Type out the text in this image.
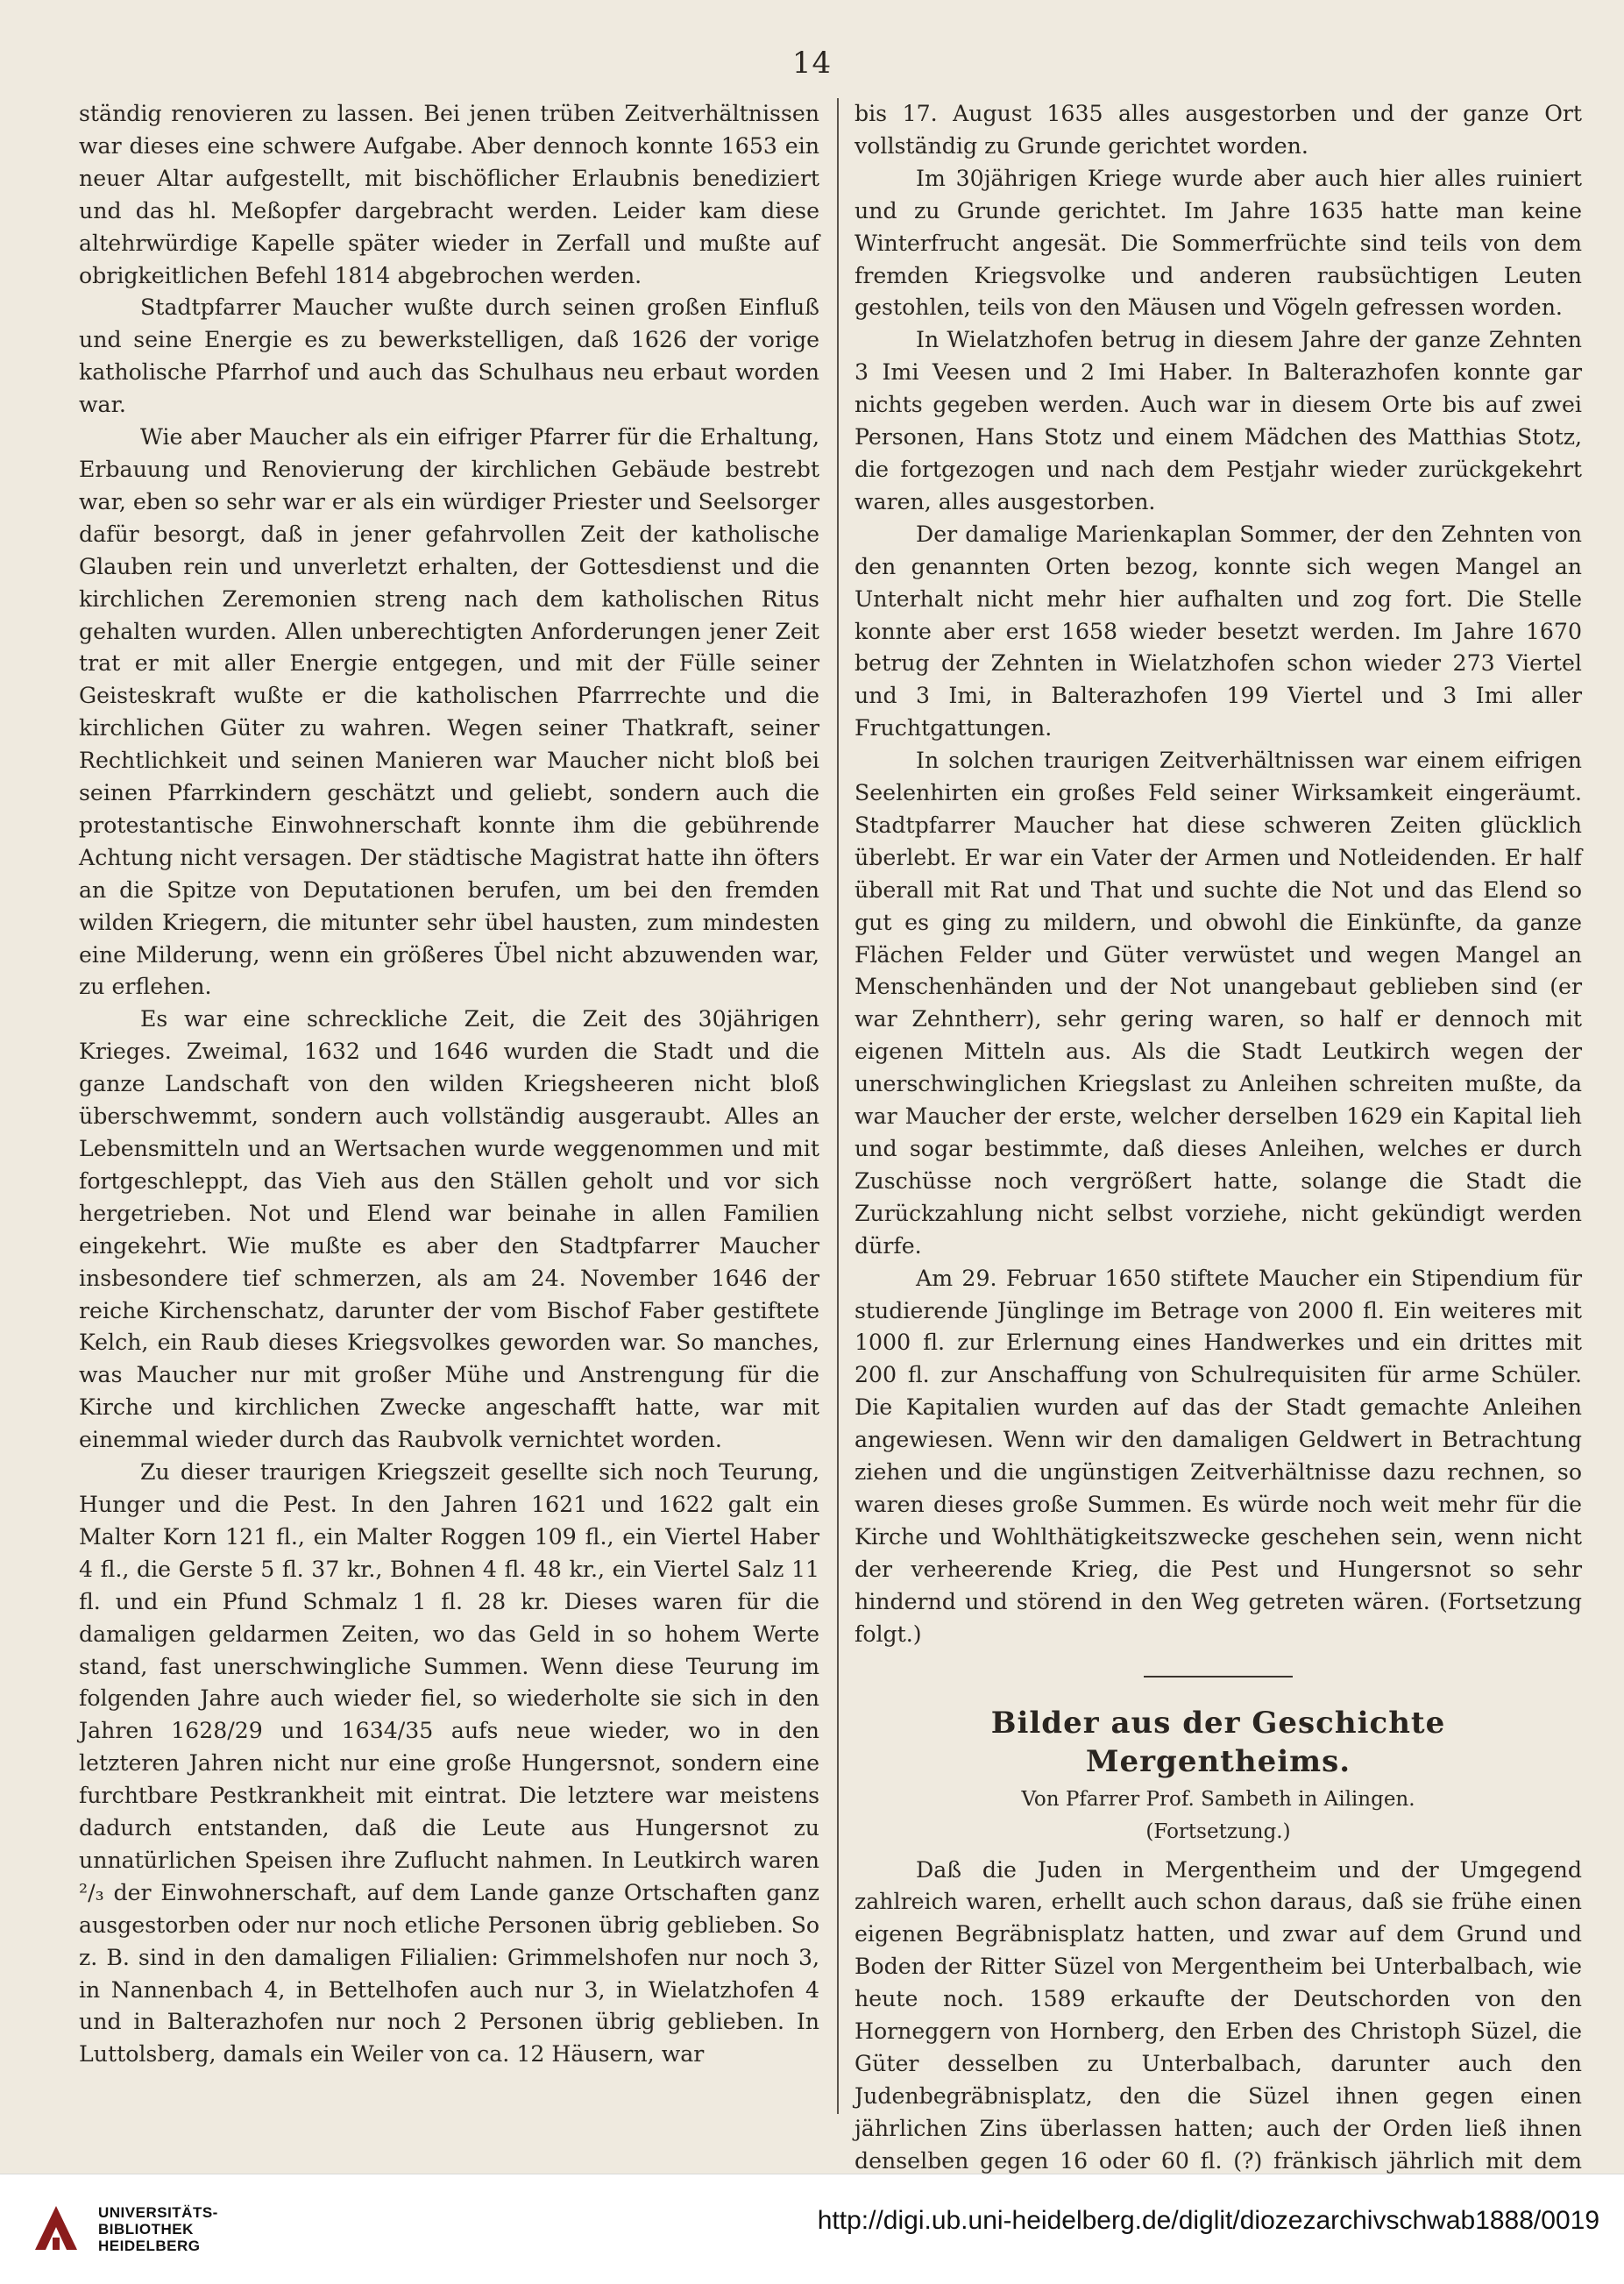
14

ständig renovieren zu lassen. Bei jenen trüben Zeitverhältnissen war dieses eine schwere Aufgabe. Aber dennoch konnte 1653 ein neuer Altar aufgestellt, mit bischöflicher Erlaubnis benediziert und das hl. Meßopfer dargebracht werden. Leider kam diese altehrwürdige Kapelle später wieder in Zerfall und mußte auf obrigkeitlichen Befehl 1814 abgebrochen werden.

Stadtpfarrer Maucher wußte durch seinen großen Einfluß und seine Energie es zu bewerkstelligen, daß 1626 der vorige katholische Pfarrhof und auch das Schulhaus neu erbaut worden war.

Wie aber Maucher als ein eifriger Pfarrer für die Erhaltung, Erbauung und Renovierung der kirchlichen Gebäude bestrebt war, eben so sehr war er als ein würdiger Priester und Seelsorger dafür besorgt, daß in jener gefahrvollen Zeit der katholische Glauben rein und unverletzt erhalten, der Gottesdienst und die kirchlichen Zeremonien streng nach dem katholischen Ritus gehalten wurden. Allen unberechtigten Anforderungen jener Zeit trat er mit aller Energie entgegen, und mit der Fülle seiner Geisteskraft wußte er die katholischen Pfarrrechte und die kirchlichen Güter zu wahren. Wegen seiner Thatkraft, seiner Rechtlichkeit und seinen Manieren war Maucher nicht bloß bei seinen Pfarrkindern geschätzt und geliebt, sondern auch die protestantische Einwohnerschaft konnte ihm die gebührende Achtung nicht versagen. Der städtische Magistrat hatte ihn öfters an die Spitze von Deputationen berufen, um bei den fremden wilden Kriegern, die mitunter sehr übel hausten, zum mindesten eine Milderung, wenn ein größeres Übel nicht abzuwenden war, zu erflehen.

Es war eine schreckliche Zeit, die Zeit des 30jährigen Krieges. Zweimal, 1632 und 1646 wurden die Stadt und die ganze Landschaft von den wilden Kriegsheeren nicht bloß überschwemmt, sondern auch vollständig ausgeraubt. Alles an Lebensmitteln und an Wertsachen wurde weggenommen und mit fortgeschleppt, das Vieh aus den Ställen geholt und vor sich hergetrieben. Not und Elend war beinahe in allen Familien eingekehrt. Wie mußte es aber den Stadtpfarrer Maucher insbesondere tief schmerzen, als am 24. November 1646 der reiche Kirchenschatz, darunter der vom Bischof Faber gestiftete Kelch, ein Raub dieses Kriegsvolkes geworden war. So manches, was Maucher nur mit großer Mühe und Anstrengung für die Kirche und kirchlichen Zwecke angeschafft hatte, war mit einemmal wieder durch das Raubvolk vernichtet worden.

Zu dieser traurigen Kriegszeit gesellte sich noch Teurung, Hunger und die Pest. In den Jahren 1621 und 1622 galt ein Malter Korn 121 fl., ein Malter Roggen 109 fl., ein Viertel Haber 4 fl., die Gerste 5 fl. 37 kr., Bohnen 4 fl. 48 kr., ein Viertel Salz 11 fl. und ein Pfund Schmalz 1 fl. 28 kr. Dieses waren für die damaligen geldarmen Zeiten, wo das Geld in so hohem Werte stand, fast unerschwingliche Summen. Wenn diese Teurung im folgenden Jahre auch wieder fiel, so wiederholte sie sich in den Jahren 1628/29 und 1634/35 aufs neue wieder, wo in den letzteren Jahren nicht nur eine große Hungersnot, sondern eine furchtbare Pestkrankheit mit eintrat. Die letztere war meistens dadurch entstanden, daß die Leute aus Hungersnot zu unnatürlichen Speisen ihre Zuflucht nahmen. In Leutkirch waren ²/₃ der Einwohnerschaft, auf dem Lande ganze Ortschaften ganz ausgestorben oder nur noch etliche Personen übrig geblieben. So z. B. sind in den damaligen Filialien: Grimmelshofen nur noch 3, in Nannenbach 4, in Bettelhofen auch nur 3, in Wielatzhofen 4 und in Balterazhofen nur noch 2 Personen übrig geblieben. In Luttolsberg, damals ein Weiler von ca. 12 Häusern, war

bis 17. August 1635 alles ausgestorben und der ganze Ort vollständig zu Grunde gerichtet worden.

Im 30jährigen Kriege wurde aber auch hier alles ruiniert und zu Grunde gerichtet. Im Jahre 1635 hatte man keine Winterfrucht angesät. Die Sommerfrüchte sind teils von dem fremden Kriegsvolke und anderen raubsüchtigen Leuten gestohlen, teils von den Mäusen und Vögeln gefressen worden.

In Wielatzhofen betrug in diesem Jahre der ganze Zehnten 3 Imi Veesen und 2 Imi Haber. In Balterazhofen konnte gar nichts gegeben werden. Auch war in diesem Orte bis auf zwei Personen, Hans Stotz und einem Mädchen des Matthias Stotz, die fortgezogen und nach dem Pestjahr wieder zurückgekehrt waren, alles ausgestorben.

Der damalige Marienkaplan Sommer, der den Zehnten von den genannten Orten bezog, konnte sich wegen Mangel an Unterhalt nicht mehr hier aufhalten und zog fort. Die Stelle konnte aber erst 1658 wieder besetzt werden. Im Jahre 1670 betrug der Zehnten in Wielatzhofen schon wieder 273 Viertel und 3 Imi, in Balterazhofen 199 Viertel und 3 Imi aller Fruchtgattungen.

In solchen traurigen Zeitverhältnissen war einem eifrigen Seelenhirten ein großes Feld seiner Wirksamkeit eingeräumt. Stadtpfarrer Maucher hat diese schweren Zeiten glücklich überlebt. Er war ein Vater der Armen und Notleidenden. Er half überall mit Rat und That und suchte die Not und das Elend so gut es ging zu mildern, und obwohl die Einkünfte, da ganze Flächen Felder und Güter verwüstet und wegen Mangel an Menschenhänden und der Not unangebaut geblieben sind (er war Zehntherr), sehr gering waren, so half er dennoch mit eigenen Mitteln aus. Als die Stadt Leutkirch wegen der unerschwinglichen Kriegslast zu Anleihen schreiten mußte, da war Maucher der erste, welcher derselben 1629 ein Kapital lieh und sogar bestimmte, daß dieses Anleihen, welches er durch Zuschüsse noch vergrößert hatte, solange die Stadt die Zurückzahlung nicht selbst vorziehe, nicht gekündigt werden dürfe.

Am 29. Februar 1650 stiftete Maucher ein Stipendium für studierende Jünglinge im Betrage von 2000 fl. Ein weiteres mit 1000 fl. zur Erlernung eines Handwerkes und ein drittes mit 200 fl. zur Anschaffung von Schulrequisiten für arme Schüler. Die Kapitalien wurden auf das der Stadt gemachte Anleihen angewiesen. Wenn wir den damaligen Geldwert in Betrachtung ziehen und die ungünstigen Zeitverhältnisse dazu rechnen, so waren dieses große Summen. Es würde noch weit mehr für die Kirche und Wohlthätigkeitszwecke geschehen sein, wenn nicht der verheerende Krieg, die Pest und Hungersnot so sehr hindernd und störend in den Weg getreten wären. (Fortsetzung folgt.)

Bilder aus der Geschichte Mergentheims.
Von Pfarrer Prof. Sambeth in Ailingen.
(Fortsetzung.)

Daß die Juden in Mergentheim und der Umgegend zahlreich waren, erhellt auch schon daraus, daß sie frühe einen eigenen Begräbnisplatz hatten, und zwar auf dem Grund und Boden der Ritter Süzel von Mergentheim bei Unterbalbach, wie heute noch. 1589 erkaufte der Deutschorden von den Horneggern von Hornberg, den Erben des Christoph Süzel, die Güter desselben zu Unterbalbach, darunter auch den Judenbegräbnisplatz, den die Süzel ihnen gegen einen jährlichen Zins überlassen hatten; auch der Orden ließ ihnen denselben gegen 16 oder 60 fl. (?) fränkisch jährlich mit dem

UNIVERSITÄTS-
BIBLIOTHEK
HEIDELBERG
http://digi.ub.uni-heidelberg.de/diglit/diozezarchivschwab1888/0019
